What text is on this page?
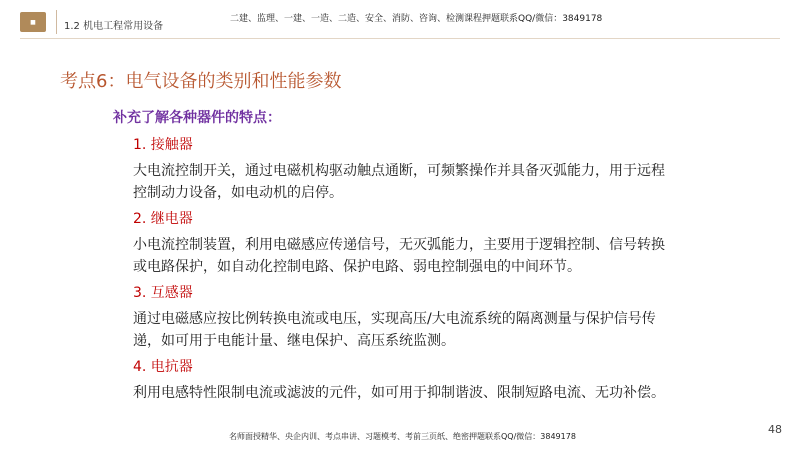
■	1.2 机电工程常用设备
二建、监理、一建、一造、二造、安全、消防、咨询、检测课程押题联系QQ/微信：3849178
考点6：电气设备的类别和性能参数
补充了解各种器件的特点：
1. 接触器
大电流控制开关，通过电磁机构驱动触点通断，可频繁操作并具备灭弧能力，用于远程控制动力设备，如电动机的启停。
2. 继电器
小电流控制装置，利用电磁感应传递信号，无灭弧能力，主要用于逻辑控制、信号转换或电路保护，如自动化控制电路、保护电路、弱电控制强电的中间环节。
3. 互感器
通过电磁感应按比例转换电流或电压，实现高压/大电流系统的隔离测量与保护信号传递，如可用于电能计量、继电保护、高压系统监测。
4. 电抗器
利用电感特性限制电流或滤波的元件，如可用于抑制谐波、限制短路电流、无功补偿。
48
名师面授精华、央企内训、考点串讲、习题模考、考前三页纸、绝密押题联系QQ/微信：3849178
